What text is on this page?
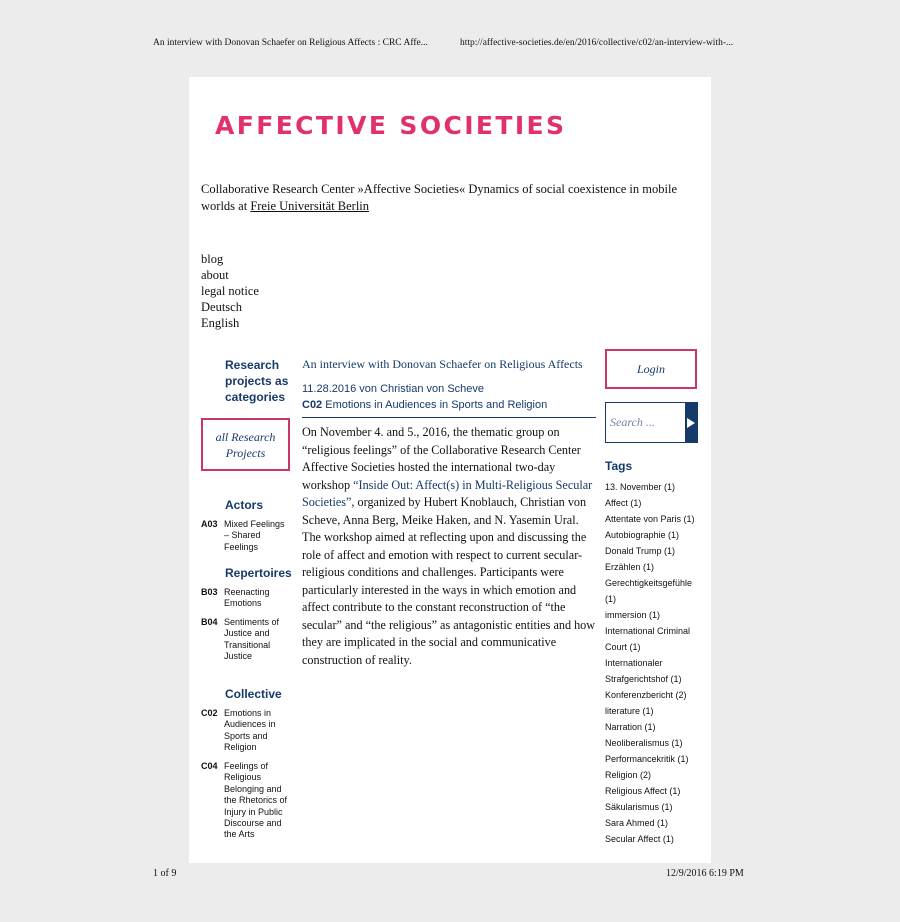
An interview with Donovan Schaefer on Religious Affects : CRC Affe...	http://affective-societies.de/en/2016/collective/c02/an-interview-with-...
AFFECTIVE SOCIETIES
Collaborative Research Center »Affective Societies« Dynamics of social coexistence in mobile worlds at Freie Universität Berlin
blog
about
legal notice
Deutsch
English
Research projects as categories
all Research Projects
Actors
A03 Mixed Feelings – Shared Feelings
Repertoires
B03 Reenacting Emotions
B04 Sentiments of Justice and Transitional Justice
Collective
C02 Emotions in Audiences in Sports and Religion
C04 Feelings of Religious Belonging and the Rhetorics of Injury in Public Discourse and the Arts
An interview with Donovan Schaefer on Religious Affects
11.28.2016 von Christian von Scheve
C02 Emotions in Audiences in Sports and Religion
On November 4. and 5., 2016, the thematic group on “religious feelings” of the Collaborative Research Center Affective Societies hosted the international two-day workshop “Inside Out: Affect(s) in Multi-Religious Secular Societies”, organized by Hubert Knoblauch, Christian von Scheve, Anna Berg, Meike Haken, and N. Yasemin Ural. The workshop aimed at reflecting upon and discussing the role of affect and emotion with respect to current secular-religious conditions and challenges. Participants were particularly interested in the ways in which emotion and affect contribute to the constant reconstruction of “the secular” and “the religious” as antagonistic entities and how they are implicated in the social and communicative construction of reality.
Login
Search ...
Tags
13. November (1)
Affect (1)
Attentate von Paris (1)
Autobiographie (1)
Donald Trump (1)
Erzählen (1)
Gerechtigkeitsgefühle (1)
immersion (1)
International Criminal Court (1)
Internationaler Strafgerichtshof (1)
Konferenzbericht (2)
literature (1)
Narration (1)
Neoliberalismus (1)
Performancekritik (1)
Religion (2)
Religious Affect (1)
Säkularismus (1)
Sara Ahmed (1)
Secular Affect (1)
1 of 9	12/9/2016 6:19 PM
